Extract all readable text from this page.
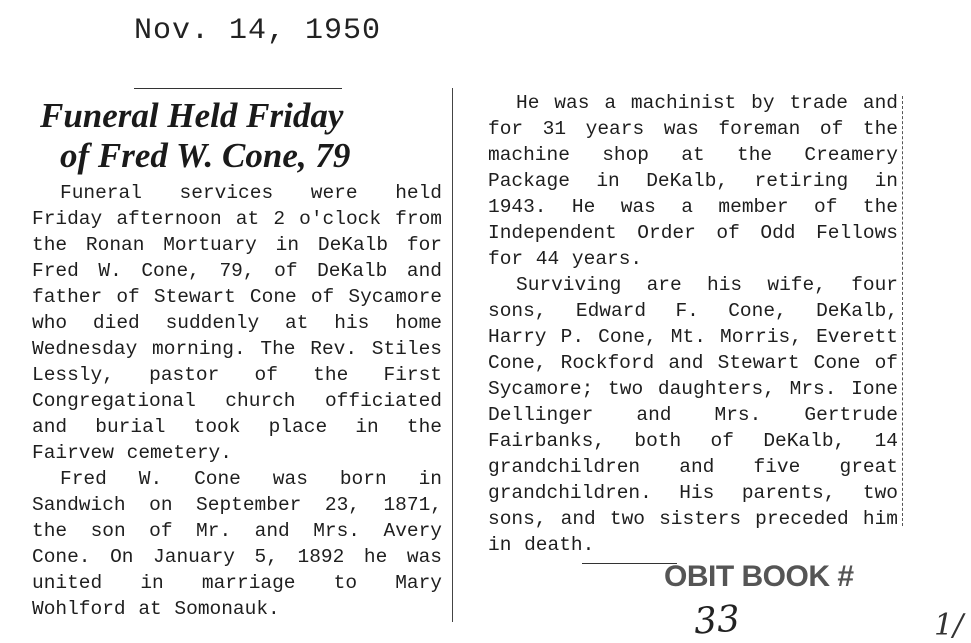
Nov. 14, 1950
Funeral Held Friday
of Fred W. Cone, 79

Funeral services were held Friday afternoon at 2 o'clock from the Ronan Mortuary in DeKalb for Fred W. Cone, 79, of DeKalb and father of Stewart Cone of Sycamore who died suddenly at his home Wednesday morning. The Rev. Stiles Lessly, pastor of the First Congregational church officiated and burial took place in the Fairvew cemetery.

Fred W. Cone was born in Sandwich on September 23, 1871, the son of Mr. and Mrs. Avery Cone. On January 5, 1892 he was united in marriage to Mary Wohlford at Somonauk.

He was a machinist by trade and for 31 years was foreman of the machine shop at the Creamery Package in DeKalb, retiring in 1943. He was a member of the Independent Order of Odd Fellows for 44 years.

Surviving are his wife, four sons, Edward F. Cone, DeKalb, Harry P. Cone, Mt. Morris, Everett Cone, Rockford and Stewart Cone of Sycamore; two daughters, Mrs. Ione Dellinger and Mrs. Gertrude Fairbanks, both of DeKalb, 14 grandchildren and five great grandchildren. His parents, two sons, and two sisters preceded him in death.

OBIT BOOK #
33	1/
